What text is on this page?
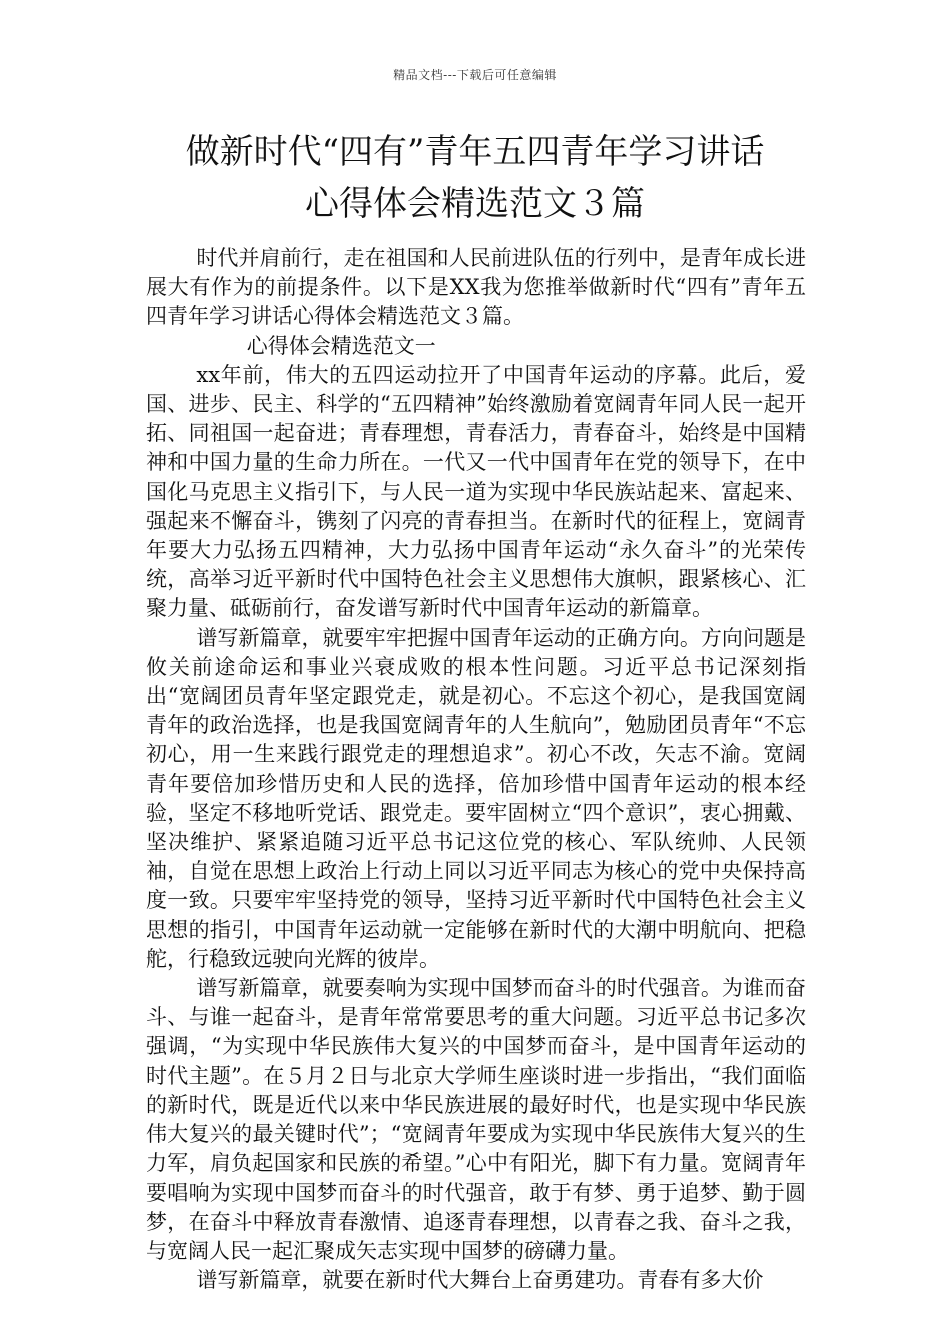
精品文档---下载后可任意编辑
做新时代“四有”青年五四青年学习讲话
心得体会精选范文３篇

时代并肩前行，走在祖国和人民前进队伍的行列中，是青年成长进展大有作为的前提条件。以下是XX我为您推举做新时代“四有”青年五四青年学习讲话心得体会精选范文３篇。

心得体会精选范文一

xx年前，伟大的五四运动拉开了中国青年运动的序幕。此后，爱国、进步、民主、科学的“五四精神”始终激励着宽阔青年同人民一起开拓、同祖国一起奋进；青春理想，青春活力，青春奋斗，始终是中国精神和中国力量的生命力所在。一代又一代中国青年在党的领导下，在中国化马克思主义指引下，与人民一道为实现中华民族站起来、富起来、强起来不懈奋斗，镌刻了闪亮的青春担当。在新时代的征程上，宽阔青年要大力弘扬五四精神，大力弘扬中国青年运动“永久奋斗”的光荣传统，高举习近平新时代中国特色社会主义思想伟大旗帜，跟紧核心、汇聚力量、砥砺前行，奋发谱写新时代中国青年运动的新篇章。

谱写新篇章，就要牢牢把握中国青年运动的正确方向。方向问题是攸关前途命运和事业兴衰成败的根本性问题。习近平总书记深刻指出“宽阔团员青年坚定跟党走，就是初心。不忘这个初心，是我国宽阔青年的政治选择，也是我国宽阔青年的人生航向”，勉励团员青年“不忘初心，用一生来践行跟党走的理想追求”。初心不改，矢志不渝。宽阔青年要倍加珍惜历史和人民的选择，倍加珍惜中国青年运动的根本经验，坚定不移地听党话、跟党走。要牢固树立“四个意识”，衷心拥戴、坚决维护、紧紧追随习近平总书记这位党的核心、军队统帅、人民领袖，自觉在思想上政治上行动上同以习近平同志为核心的党中央保持高度一致。只要牢牢坚持党的领导，坚持习近平新时代中国特色社会主义思想的指引，中国青年运动就一定能够在新时代的大潮中明航向、把稳舵，行稳致远驶向光辉的彼岸。

谱写新篇章，就要奏响为实现中国梦而奋斗的时代强音。为谁而奋斗、与谁一起奋斗，是青年常常要思考的重大问题。习近平总书记多次强调，“为实现中华民族伟大复兴的中国梦而奋斗，是中国青年运动的时代主题”。在５月２日与北京大学师生座谈时进一步指出，“我们面临的新时代，既是近代以来中华民族进展的最好时代，也是实现中华民族伟大复兴的最关键时代”；“宽阔青年要成为实现中华民族伟大复兴的生力军，肩负起国家和民族的希望。”心中有阳光，脚下有力量。宽阔青年要唱响为实现中国梦而奋斗的时代强音，敢于有梦、勇于追梦、勤于圆梦，在奋斗中释放青春激情、追逐青春理想，以青春之我、奋斗之我，与宽阔人民一起汇聚成矢志实现中国梦的磅礴力量。

谱写新篇章，就要在新时代大舞台上奋勇建功。青春有多大价
